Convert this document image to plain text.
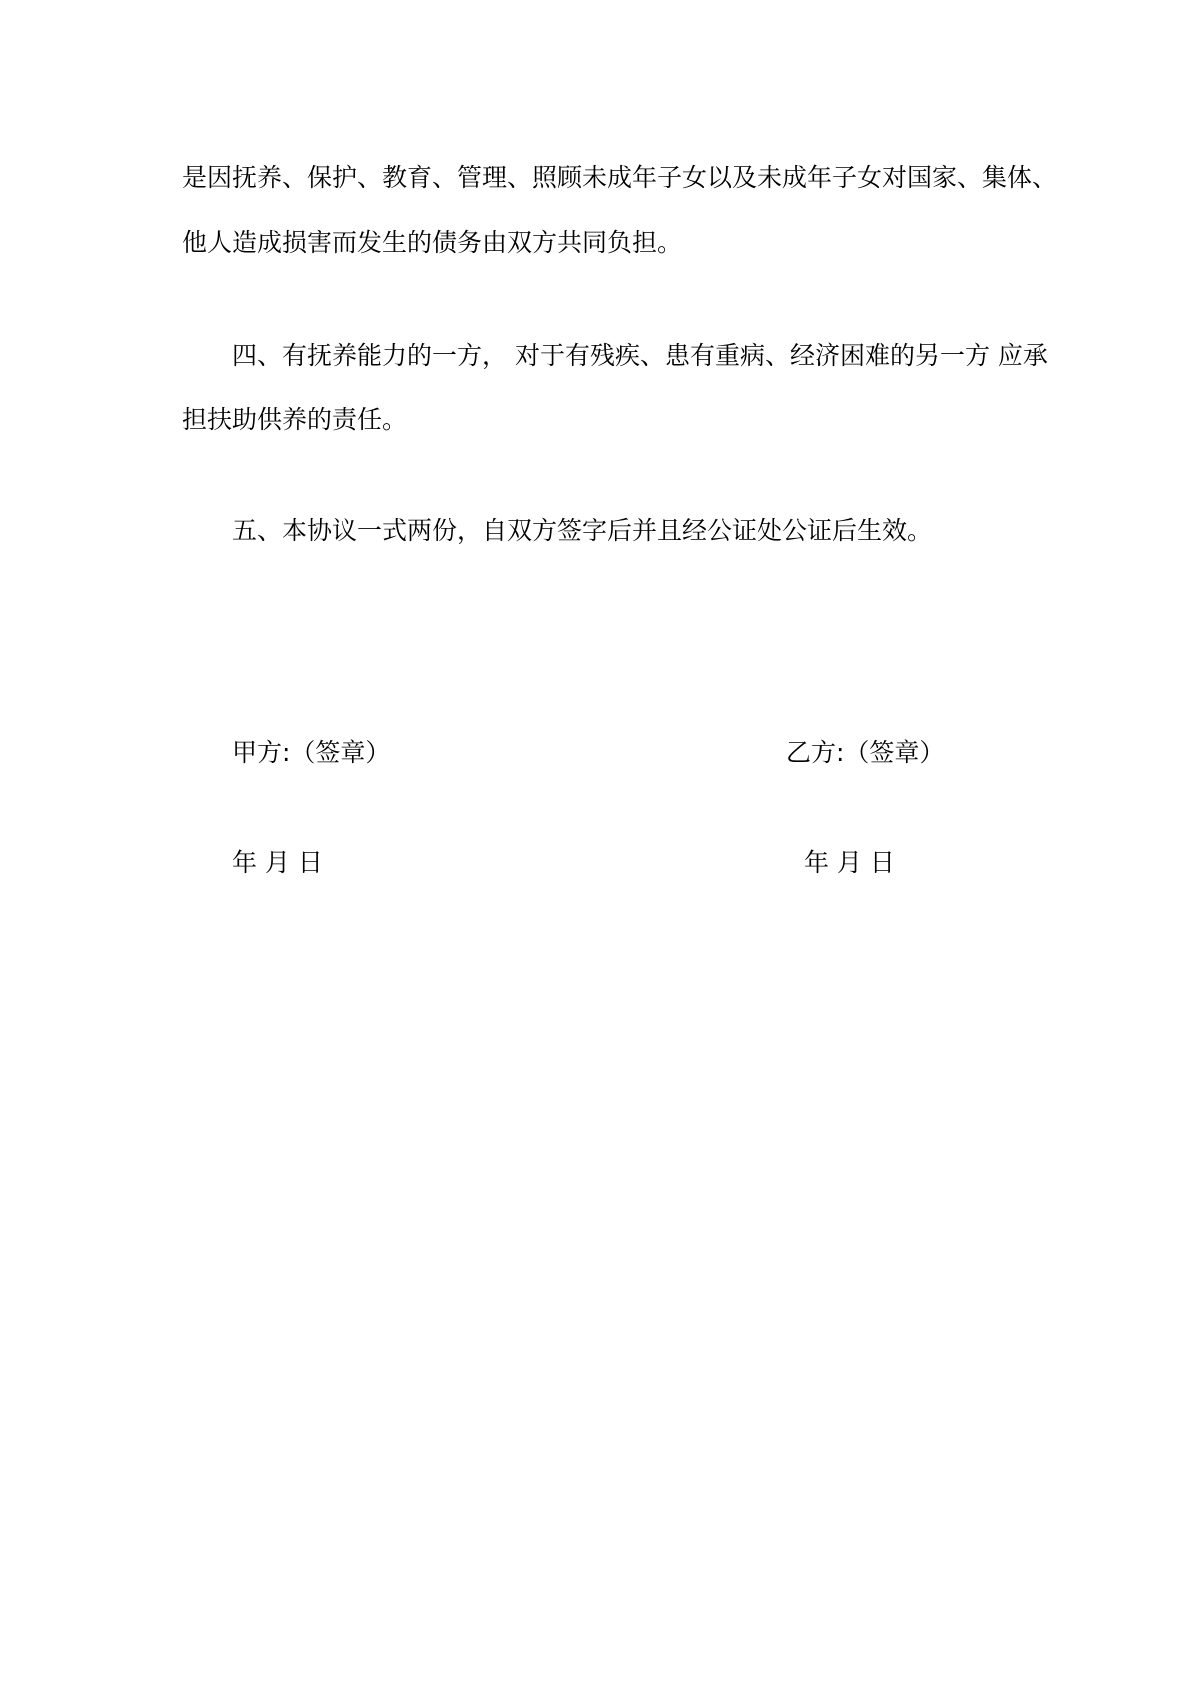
是因抚养、保护、教育、管理、照顾未成年子女以及未成年子女对国家、集体、
他人造成损害而发生的债务由双方共同负担。
四、有抚养能力的一方， 对于有残疾、患有重病、经济困难的另一方 应承
担扶助供养的责任。
五、本协议一式两份，自双方签字后并且经公证处公证后生效。
甲方:（签章）	乙方:（签章）
年 月 日	年 月 日
